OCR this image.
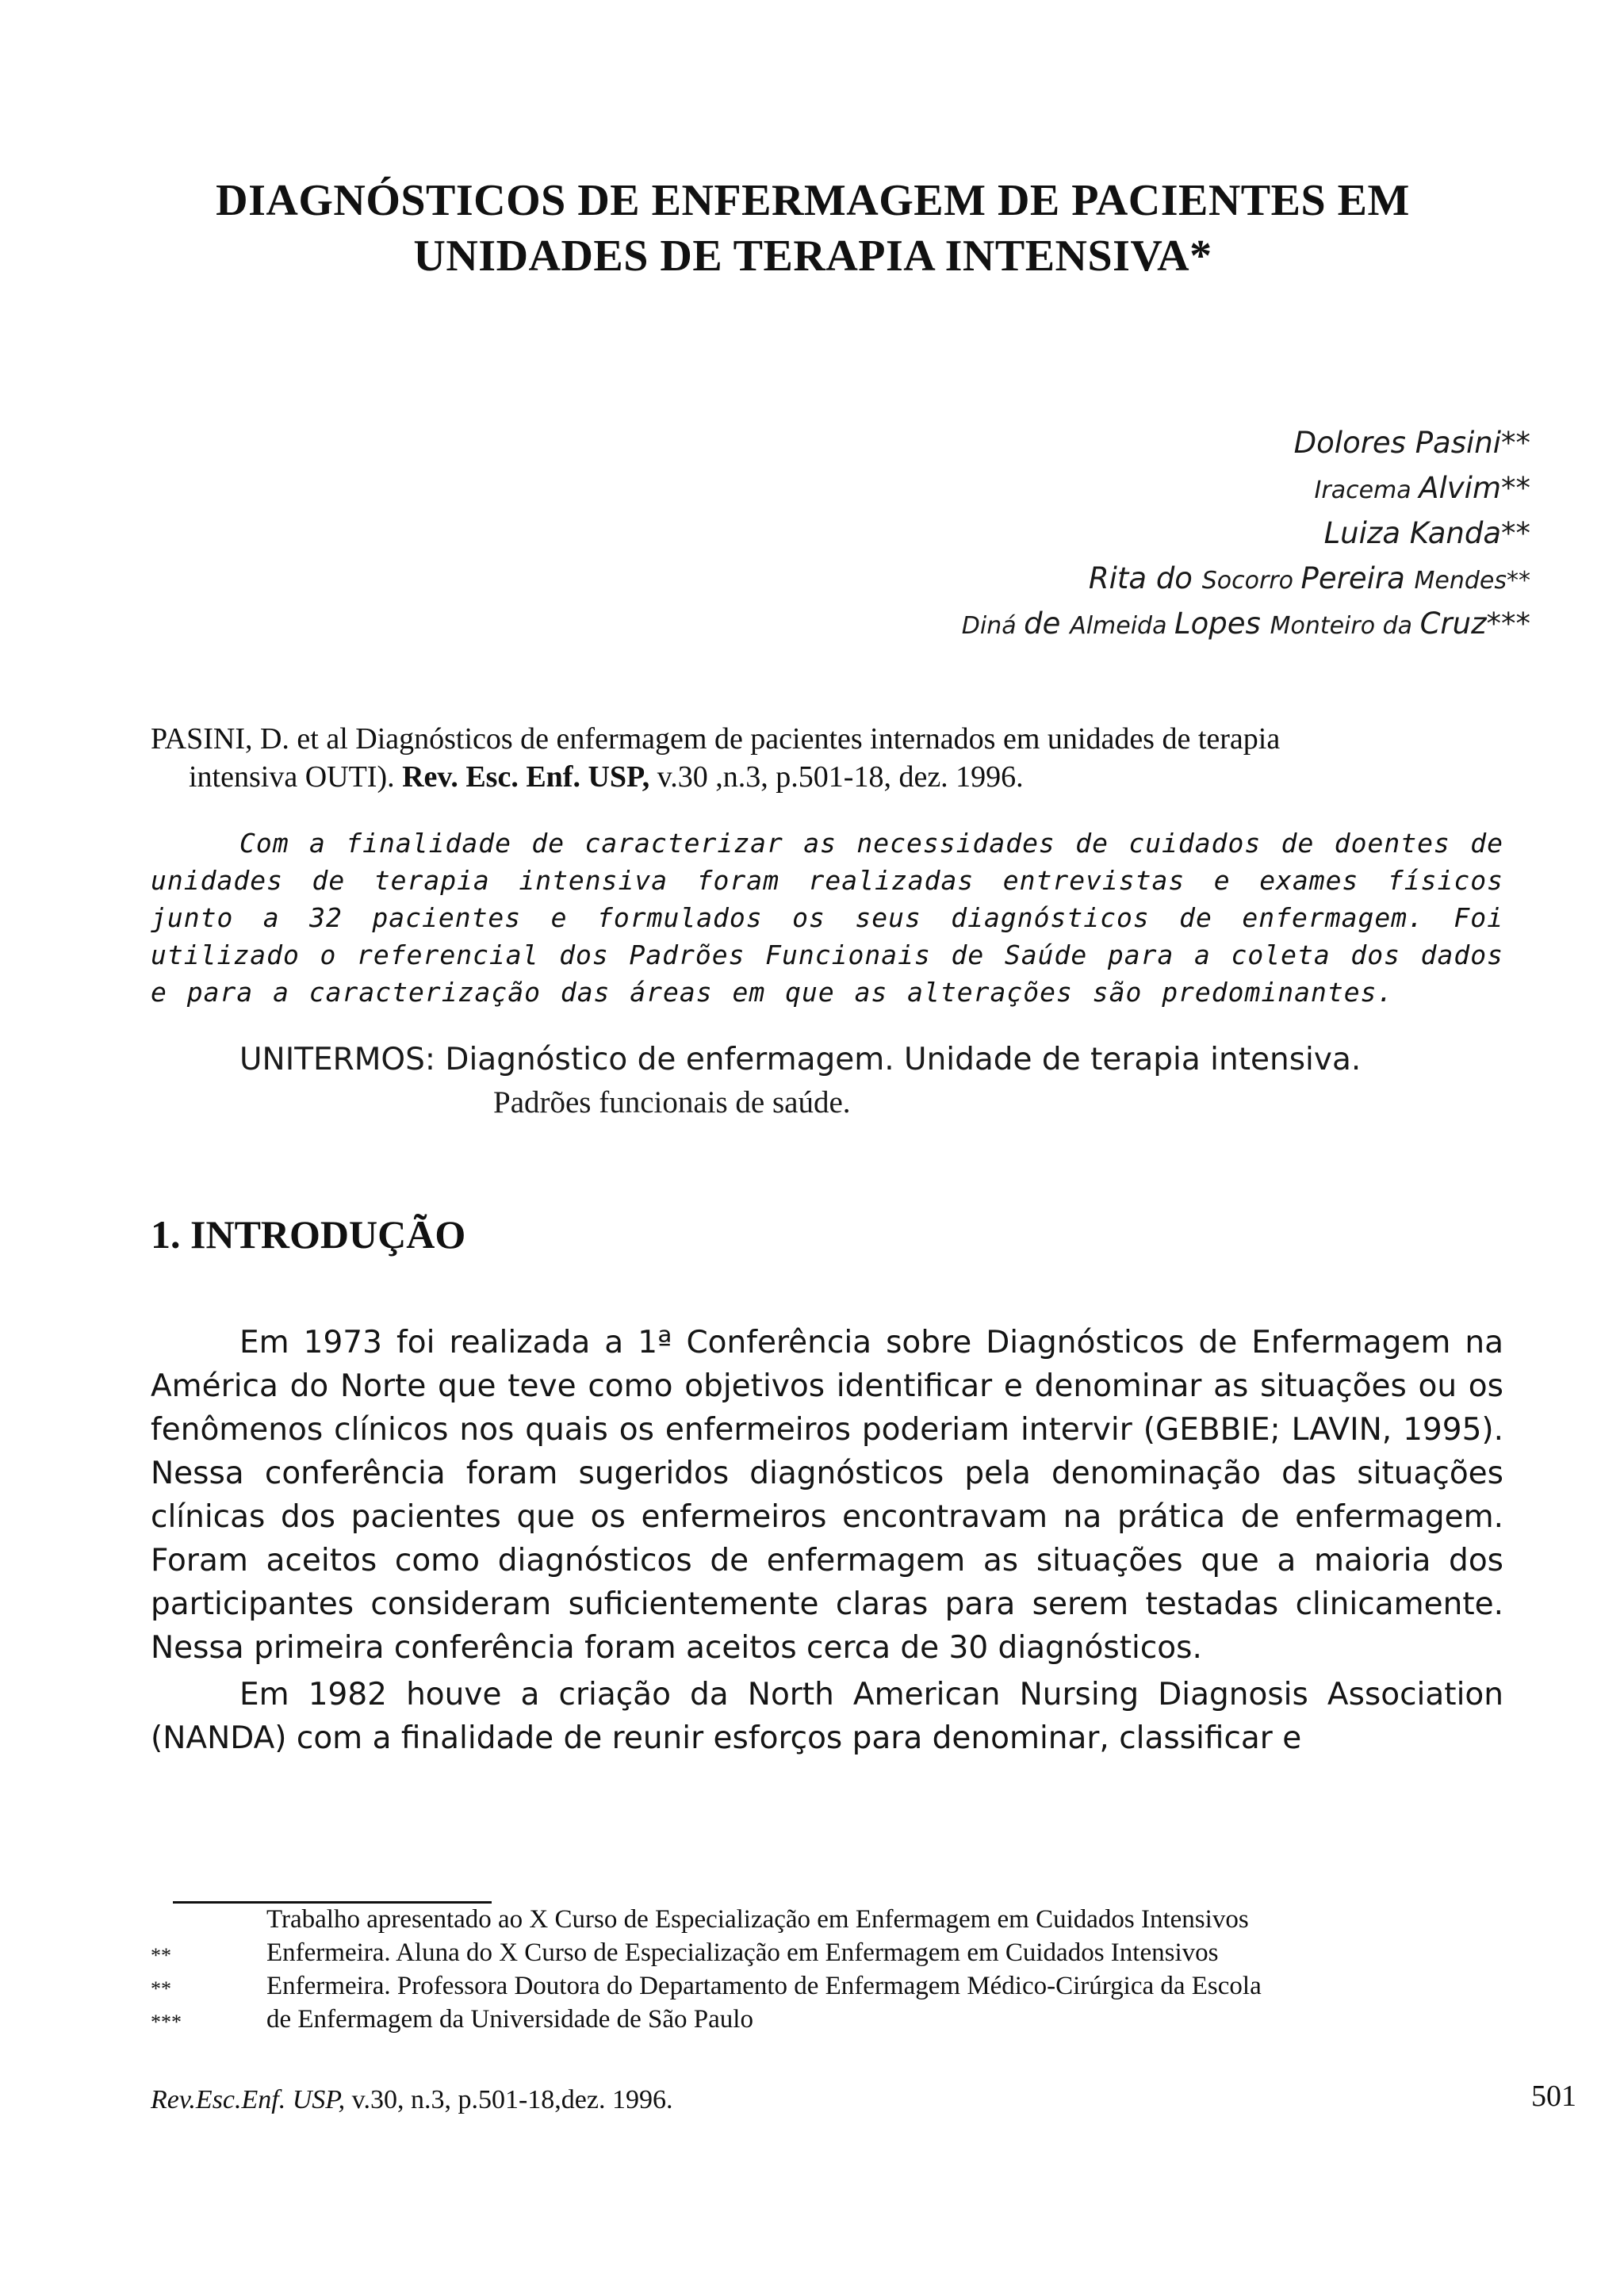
DIAGNÓSTICOS DE ENFERMAGEM DE PACIENTES EM
UNIDADES DE TERAPIA INTENSIVA*
Dolores Pasini**
Iracema Alvim**
Luiza Kanda**
Rita do Socorro Pereira Mendes**
Diná de Almeida Lopes Monteiro da Cruz***
PASINI, D. et al Diagnósticos de enfermagem de pacientes internados em unidades de terapia
intensiva OUTI). Rev. Esc. Enf. USP, v.30 ,n.3, p.501-18, dez. 1996.
Com a finalidade de caracterizar as necessidades de cuidados de doentes de unidades de terapia intensiva foram realizadas entrevistas e exames físicos junto a 32 pacientes e formulados os seus diagnósticos de enfermagem. Foi utilizado o referencial dos Padrões Funcionais de Saúde para a coleta dos dados e para a caracterização das áreas em que as alterações são predominantes.
UNITERMOS: Diagnóstico de enfermagem. Unidade de terapia intensiva.
Padrões funcionais de saúde.
1. INTRODUÇÃO

Em 1973 foi realizada a 1ª Conferência sobre Diagnósticos de Enfermagem na América do Norte que teve como objetivos identificar e denominar as situações ou os fenômenos clínicos nos quais os enfermeiros poderiam intervir (GEBBIE; LAVIN, 1995). Nessa conferência foram sugeridos diagnósticos pela denominação das situações clínicas dos pacientes que os enfermeiros encontravam na prática de enfermagem. Foram aceitos como diagnósticos de enfermagem as situações que a maioria dos participantes consideram suficientemente claras para serem testadas clinicamente. Nessa primeira conferência foram aceitos cerca de 30 diagnósticos.

Em 1982 houve a criação da North American Nursing Diagnosis Association (NANDA) com a finalidade de reunir esforços para denominar, classificar e

Trabalho apresentado ao X Curso de Especialização em Enfermagem em Cuidados Intensivos
**	Enfermeira. Aluna do X Curso de Especialização em Enfermagem em Cuidados Intensivos
**	Enfermeira. Professora Doutora do Departamento de Enfermagem Médico-Cirúrgica da Escola
***	de Enfermagem da Universidade de São Paulo
Rev.Esc.Enf. USP, v.30, n.3, p.501-18,dez. 1996.	501
